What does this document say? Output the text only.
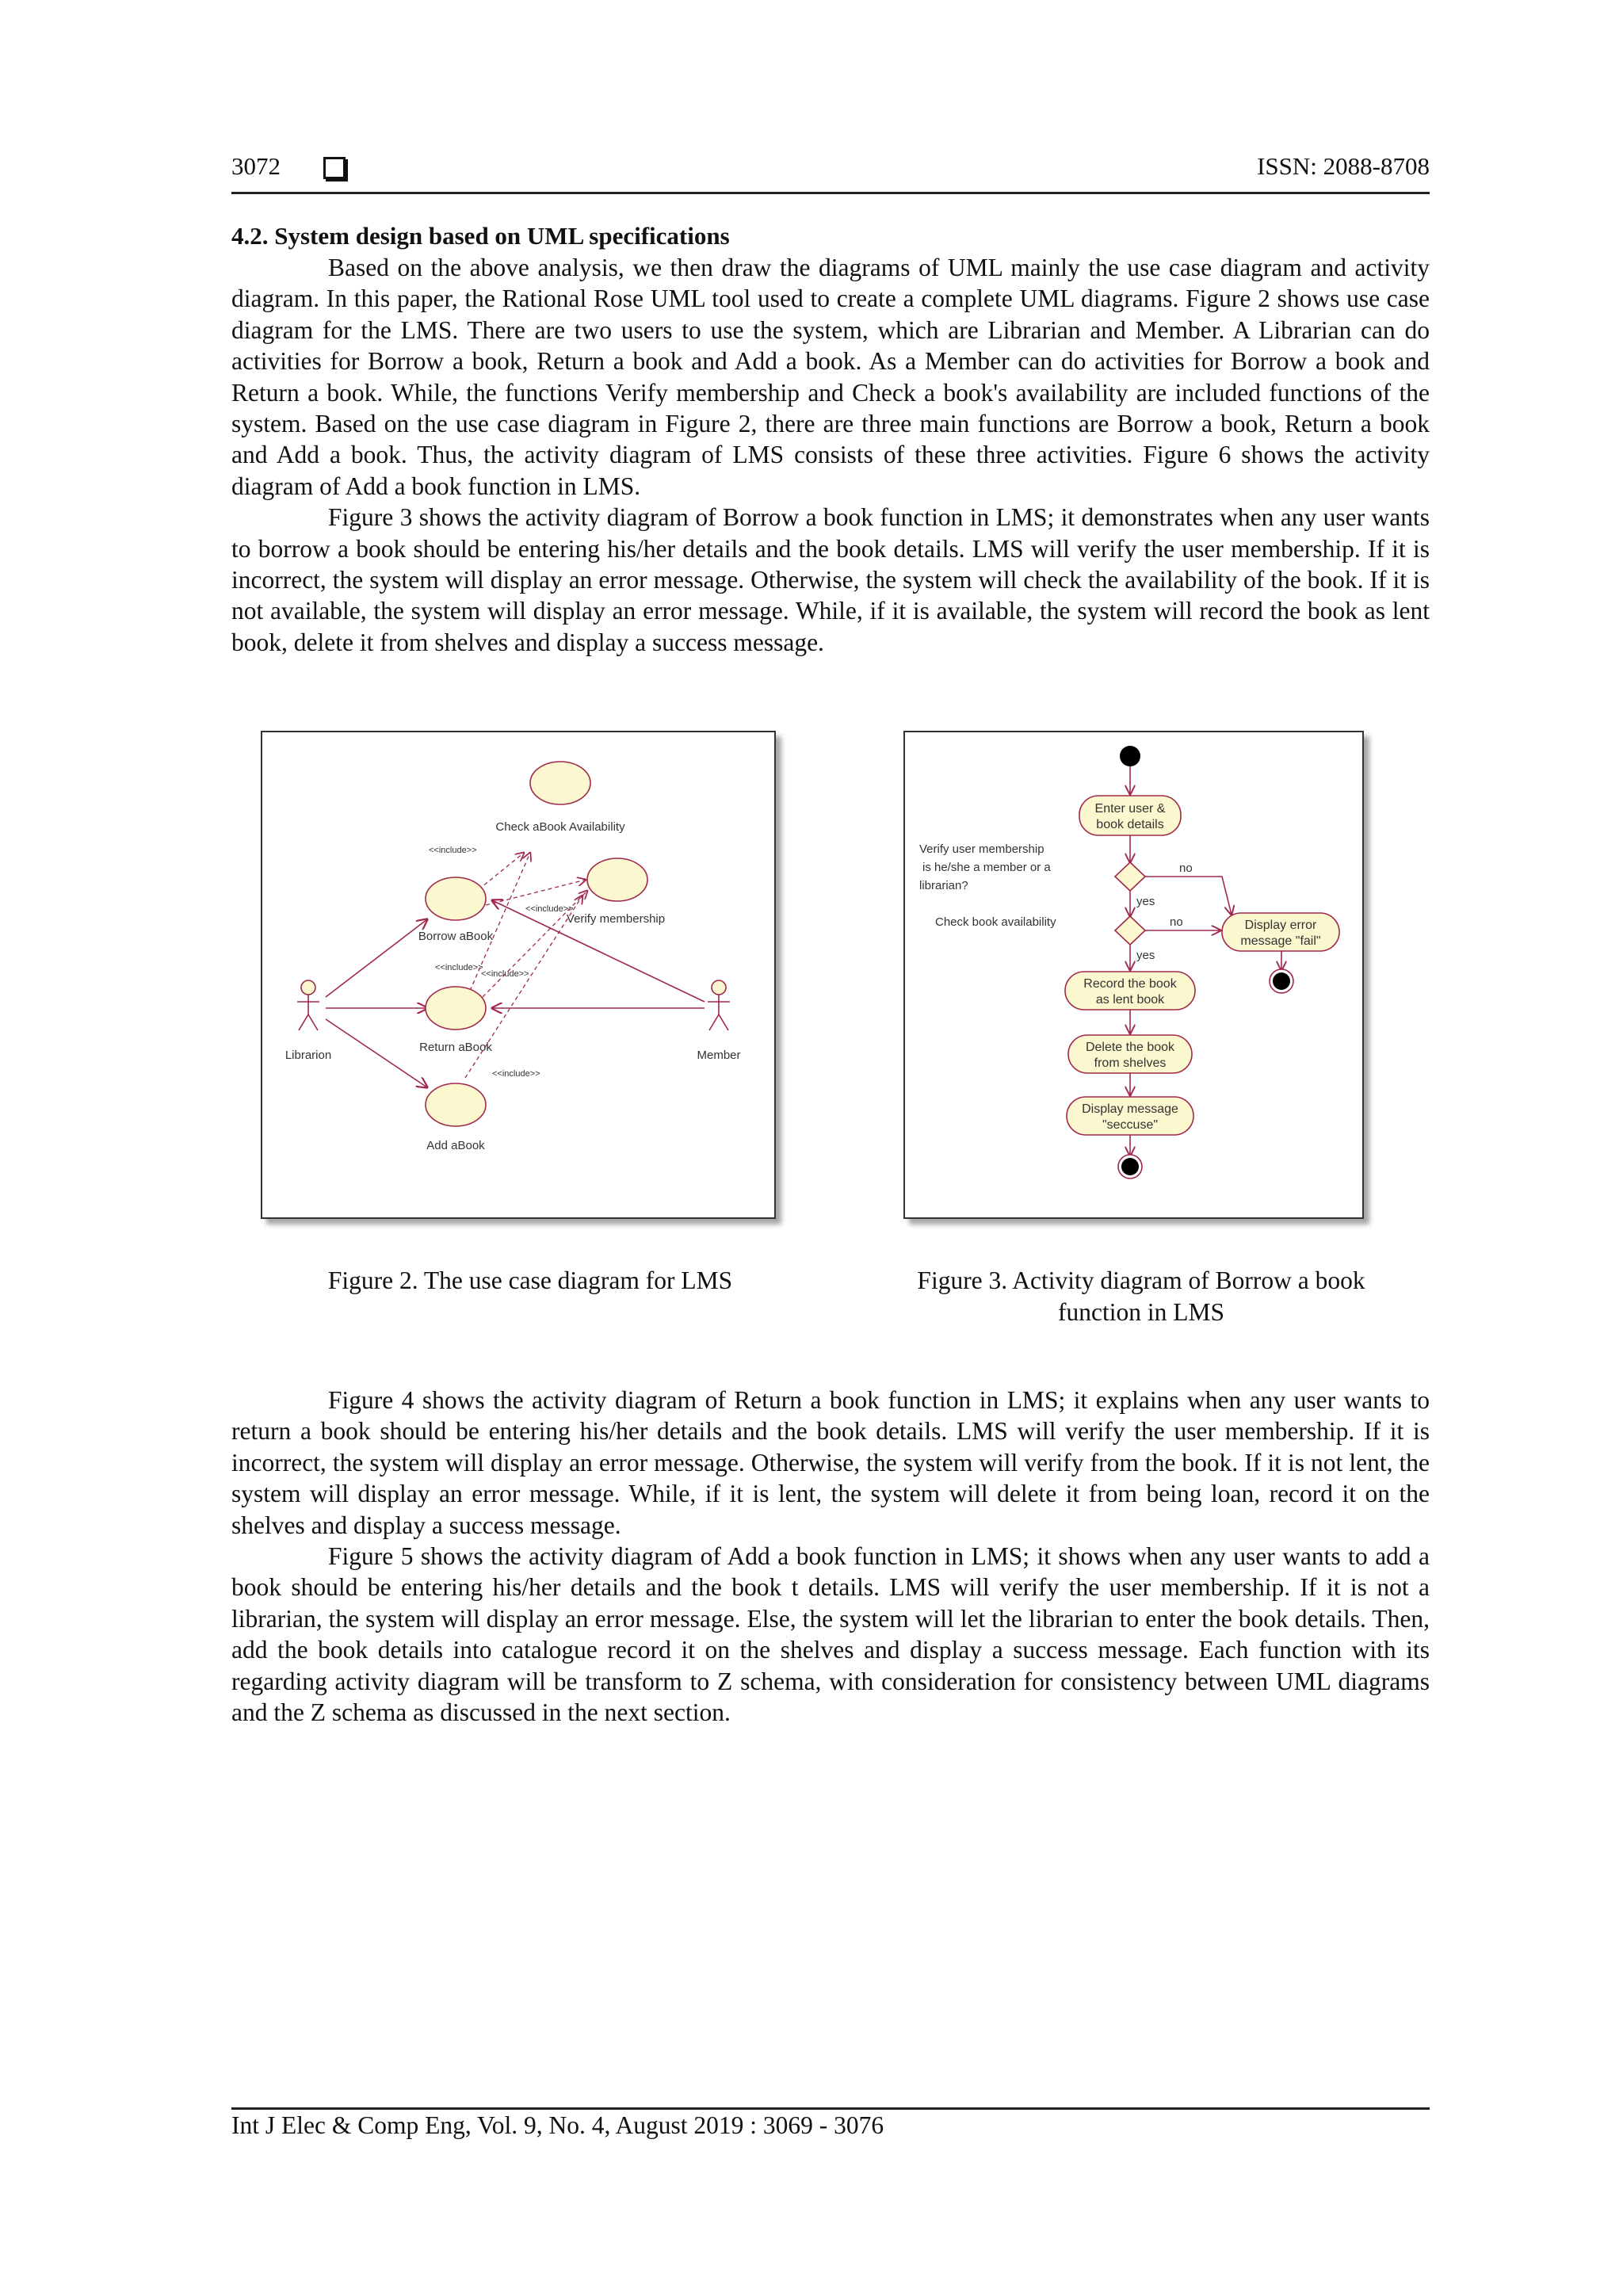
3072	ISSN: 2088-8708
4.2. System design based on UML specifications

Based on the above analysis, we then draw the diagrams of UML mainly the use case diagram and activity diagram. In this paper, the Rational Rose UML tool used to create a complete UML diagrams. Figure 2 shows use case diagram for the LMS. There are two users to use the system, which are Librarian and Member. A Librarian can do activities for Borrow a book, Return a book and Add a book. As a Member can do activities for Borrow a book and Return a book. While, the functions Verify membership and Check a book's availability are included functions of the system. Based on the use case diagram in Figure 2, there are three main functions are Borrow a book, Return a book and Add a book. Thus, the activity diagram of LMS consists of these three activities. Figure 6 shows the activity diagram of Add a book function in LMS.

Figure 3 shows the activity diagram of Borrow a book function in LMS; it demonstrates when any user wants to borrow a book should be entering his/her details and the book details. LMS will verify the user membership. If it is incorrect, the system will display an error message. Otherwise, the system will check the availability of the book. If it is not available, the system will display an error message. While, if it is available, the system will record the book as lent book, delete it from shelves and display a success message.

Check aBook Availability
Borrow aBook
Verify membership
Return aBook
Add aBook
Librarion	Member
<<include>>
<<include>>
<<include>>
<<include>>
<<include>>
Enter user &
book details
Record the book
as lent book
Delete the book
from shelves
Display message
"seccuse"
Display error
message "fail"
Verify user membership
is he/she a member or a
librarian?
Check book availability
no
no
yes
yes
Figure 2. The use case diagram for LMS	Figure 3. Activity diagram of Borrow a book
function in LMS

Figure 4 shows the activity diagram of Return a book function in LMS; it explains when any user wants to return a book should be entering his/her details and the book details. LMS will verify the user membership. If it is incorrect, the system will display an error message. Otherwise, the system will verify from the book. If it is not lent, the system will display an error message. While, if it is lent, the system will delete it from being loan, record it on the shelves and display a success message.

Figure 5 shows the activity diagram of Add a book function in LMS; it shows when any user wants to add a book should be entering his/her details and the book t details. LMS will verify the user membership. If it is not a librarian, the system will display an error message. Else, the system will let the librarian to enter the book details. Then, add the book details into catalogue record it on the shelves and display a success message. Each function with its regarding activity diagram will be transform to Z schema, with consideration for consistency between UML diagrams and the Z schema as discussed in the next section.

Int J Elec & Comp Eng, Vol. 9, No. 4, August 2019 : 3069 - 3076
